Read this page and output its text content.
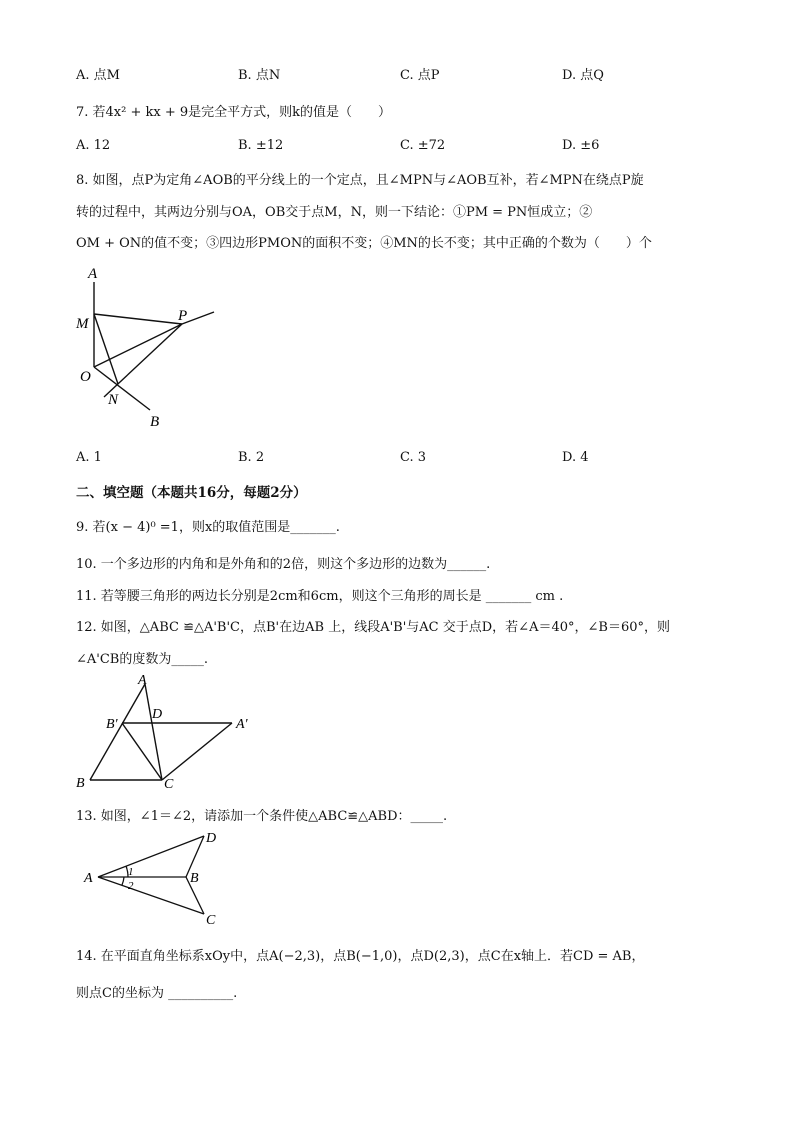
A. 点M	B. 点N	C. 点P	D. 点Q
7. 若4x² + kx + 9是完全平方式，则k的值是（　　）
A. 12	B. ±12	C. ±72	D. ±6
8. 如图，点P为定角∠AOB的平分线上的一个定点，且∠MPN与∠AOB互补，若∠MPN在绕点P旋
转的过程中，其两边分别与OA，OB交于点M，N，则一下结论：①PM = PN恒成立；②
OM + ON的值不变；③四边形PMON的面积不变；④MN的长不变；其中正确的个数为（　　）个
A
M	P
O
N
B
A. 1	B. 2	C. 3	D. 4
二、填空题（本题共16分，每题2分）
9. 若(x − 4)⁰ =1，则x的取值范围是_______.
10. 一个多边形的内角和是外角和的2倍，则这个多边形的边数为______.
11. 若等腰三角形的两边长分别是2cm和6cm，则这个三角形的周长是 _______ cm .
12. 如图，△ABC ≌△A'B'C，点B'在边AB 上，线段A'B'与AC 交于点D，若∠A＝40°，∠B＝60°，则
∠A'CB的度数为_____.
A
B'
D
A'
B	C
13. 如图，∠1＝∠2，请添加一个条件使△ABC≌△ABD：_____.
A	B
D
C
1
2
14. 在平面直角坐标系xOy中，点A(−2,3)，点B(−1,0)，点D(2,3)，点C在x轴上．若CD = AB，
则点C的坐标为 __________.
